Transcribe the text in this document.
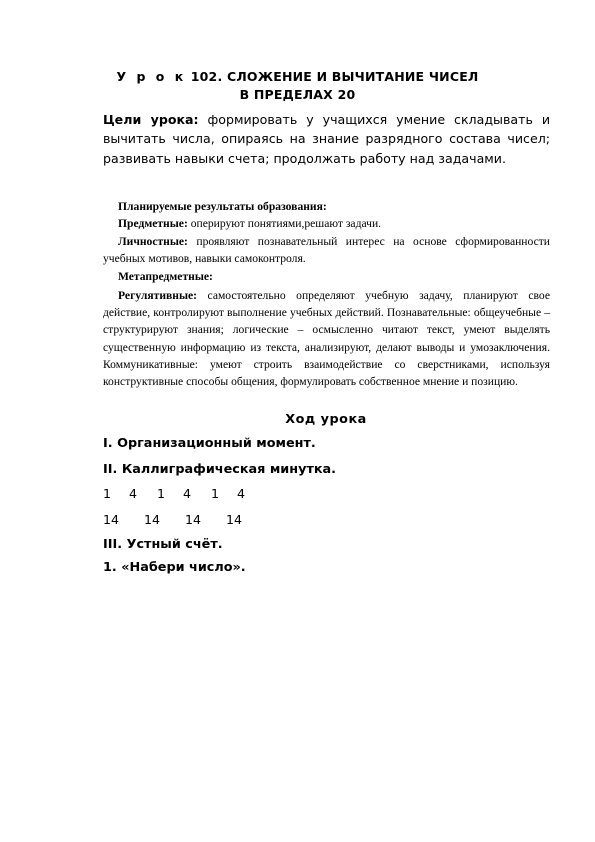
У р о к 102. СЛОЖЕНИЕ И ВЫЧИТАНИЕ ЧИСЕЛ
В ПРЕДЕЛАХ 20
Цели урока: формировать у учащихся умение складывать и вычитать числа, опираясь на знание разрядного состава чисел; развивать навыки счета; продолжать работу над задачами.
Планируемые результаты образования:
Предметные: оперируют понятиями,решают задачи.
Личностные: проявляют познавательный интерес на основе сформированности учебных мотивов, навыки самоконтроля.
Метапредметные:
Регулятивные: самостоятельно определяют учебную задачу, планируют свое действие, контролируют выполнение учебных действий. Познавательные: общеучебные – структурируют знания; логические – осмысленно читают текст, умеют выделять существенную информацию из текста, анализируют, делают выводы и умозаключения. Коммуникативные: умеют строить взаимодействие со сверстниками, используя конструктивные способы общения, формулировать собственное мнение и позицию.
Ход урока
I. Организационный момент.
II. Каллиграфическая минутка.
1 4 1 4 1 4
14 14 14 14
III. Устный счёт.
1. «Набери число».
